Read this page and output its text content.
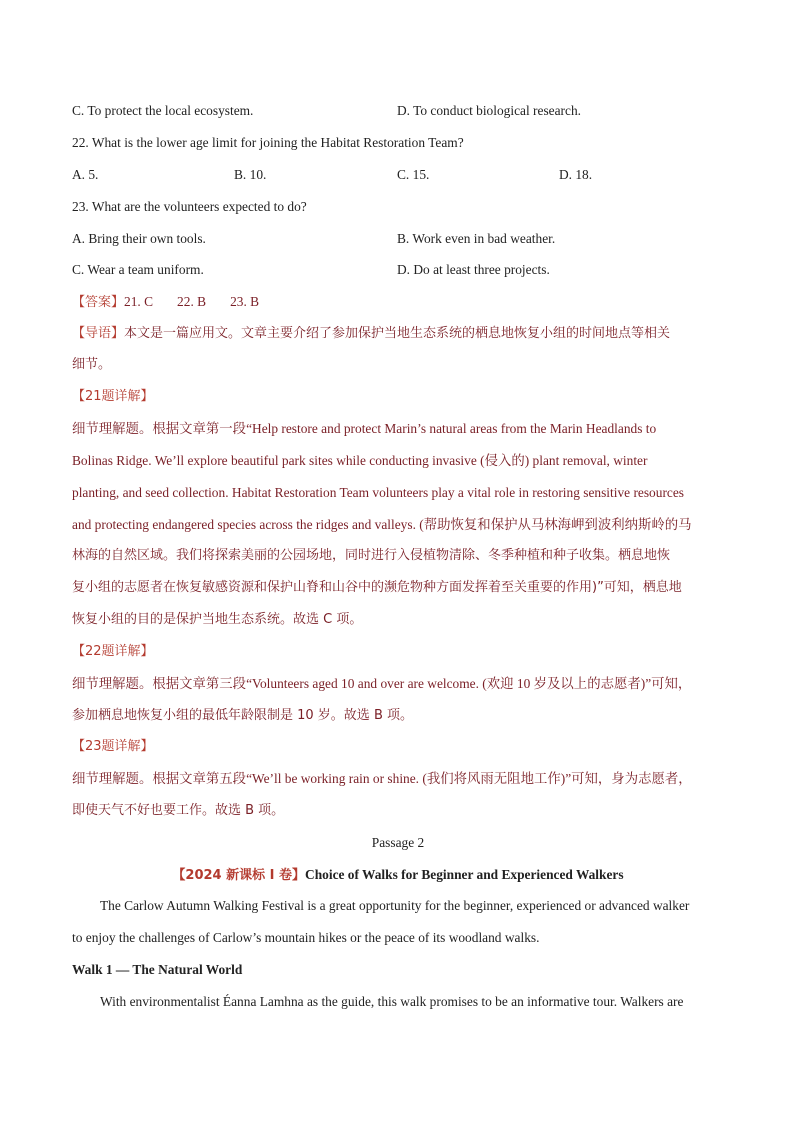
C. To protect the local ecosystem.	D. To conduct biological research.
22. What is the lower age limit for joining the Habitat Restoration Team?
A. 5.	B. 10.	C. 15.	D. 18.
23. What are the volunteers expected to do?
A. Bring their own tools.	B. Work even in bad weather.
C. Wear a team uniform.	D. Do at least three projects.
【答案】21. C 22. B 23. B
【导语】本文是一篇应用文。文章主要介绍了参加保护当地生态系统的栖息地恢复小组的时间地点等相关
细节。
【21题详解】
细节理解题。根据文章第一段“Help restore and protect Marin’s natural areas from the Marin Headlands to
Bolinas Ridge. We’ll explore beautiful park sites while conducting invasive (侵入的) plant removal, winter
planting, and seed collection. Habitat Restoration Team volunteers play a vital role in restoring sensitive resources
and protecting endangered species across the ridges and valleys. (帮助恢复和保护从马林海岬到波利纳斯岭的马
林海的自然区域。我们将探索美丽的公园场地，同时进行入侵植物清除、冬季种植和种子收集。栖息地恢
复小组的志愿者在恢复敏感资源和保护山脊和山谷中的濒危物种方面发挥着至关重要的作用)”可知，栖息地
恢复小组的目的是保护当地生态系统。故选 C 项。
【22题详解】
细节理解题。根据文章第三段“Volunteers aged 10 and over are welcome. (欢迎 10 岁及以上的志愿者)”可知，
参加栖息地恢复小组的最低年龄限制是 10 岁。故选 B 项。
【23题详解】
细节理解题。根据文章第五段“We’ll be working rain or shine. (我们将风雨无阻地工作)”可知，身为志愿者，
即使天气不好也要工作。故选 B 项。
Passage 2
【2024 新课标 I 卷】Choice of Walks for Beginner and Experienced Walkers
The Carlow Autumn Walking Festival is a great opportunity for the beginner, experienced or advanced walker
to enjoy the challenges of Carlow’s mountain hikes or the peace of its woodland walks.
Walk 1 — The Natural World
With environmentalist Éanna Lamhna as the guide, this walk promises to be an informative tour. Walkers are
